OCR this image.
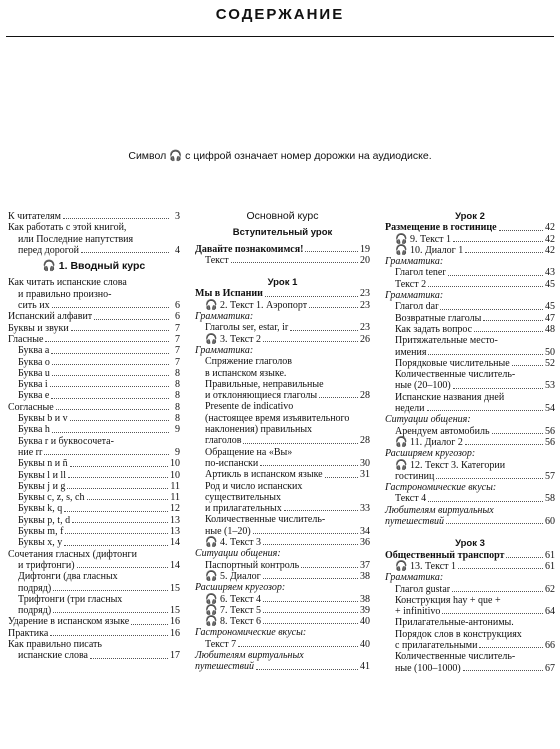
СОДЕРЖАНИЕ
Символ 🎧 с цифрой означает номер дорожки на аудиодиске.
К читателям	3
Как работать с этой книгой,
или Последние напутствия
перед дорогой	4
🎧 1. Вводный курс
Как читать испанские слова
и правильно произно-
сить их	6
Испанский алфавит	6
Буквы и звуки	7
Гласные	7
Буква a	7
Буква o	7
Буква u	8
Буква i	8
Буква e	8
Согласные	8
Буквы b и v	8
Буква h	9
Буква r и буквосочета-
ние rr	9
Буквы n и ñ	10
Буквы l и ll	10
Буквы j и g	11
Буквы c, z, s, ch	11
Буквы k, q	12
Буквы p, t, d	13
Буквы m, f	13
Буквы x, y	14
Сочетания гласных (дифтонги
и трифтонги)	14
Дифтонги (два гласных
подряд)	15
Трифтонги (три гласных
подряд)	15
Ударение в испанском языке	16
Практика	16
Как правильно писать
испанские слова	17
Основной курс
Вступительный урок
Давайте познакомимся!	19
Текст	20
Урок 1
Мы в Испании	23
🎧 2. Текст 1. Аэропорт	23
Грамматика:
Глаголы ser, estar, ir	23
🎧 3. Текст 2	26
Грамматика:
Спряжение глаголов
в испанском языке.
Правильные, неправильные
и отклоняющиеся глаголы	28
Presente de indicativo
(настоящее время изъявительного
наклонения) правильных
глаголов	28
Обращение на «Вы»
по-испански	30
Артикль в испанском языке	31
Род и число испанских
существительных
и прилагательных	33
Количественные числитель-
ные (1–20)	34
🎧 4. Текст 3	36
Ситуации общения:
Паспортный контроль	37
🎧 5. Диалог	38
Расширяем кругозор:
🎧 6. Текст 4	38
🎧 7. Текст 5	39
🎧 8. Текст 6	40
Гастрономические вкусы:
Текст 7	40
Любителям виртуальных
путешествий	41
Урок 2
Размещение в гостинице	42
🎧 9. Текст 1	42
🎧 10. Диалог 1	42
Грамматика:
Глагол tener	43
Текст 2	45
Грамматика:
Глагол dar	45
Возвратные глаголы	47
Как задать вопрос	48
Притяжательные место-
имения	50
Порядковые числительные	52
Количественные числитель-
ные (20–100)	53
Испанские названия дней
недели	54
Ситуации общения:
Арендуем автомобиль	56
🎧 11. Диалог 2	56
Расширяем кругозор:
🎧 12. Текст 3. Категории
гостиниц	57
Гастрономические вкусы:
Текст 4	58
Любителям виртуальных
путешествий	60
Урок 3
Общественный транспорт	61
🎧 13. Текст 1	61
Грамматика:
Глагол gustar	62
Конструкция hay + que +
+ infinitivo	64
Прилагательные-антонимы.
Порядок слов в конструкциях
с прилагательными	66
Количественные числитель-
ные (100–1000)	67
